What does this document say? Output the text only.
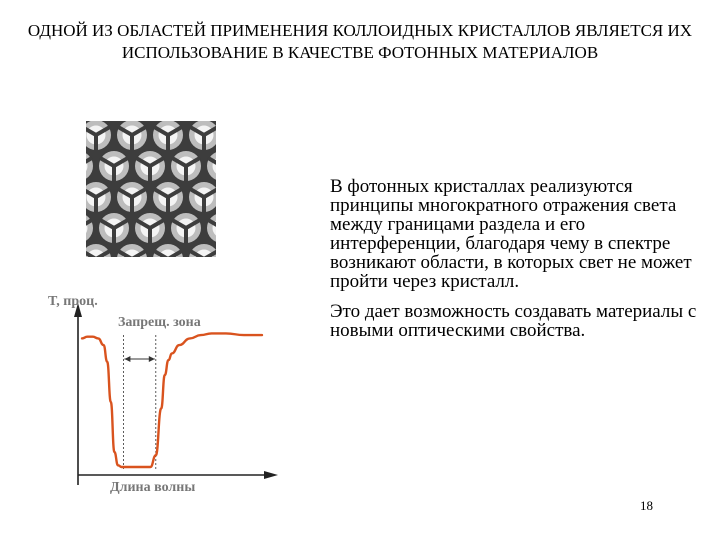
ОДНОЙ ИЗ ОБЛАСТЕЙ ПРИМЕНЕНИЯ КОЛЛОИДНЫХ КРИСТАЛЛОВ ЯВЛЯЕТСЯ ИХ ИСПОЛЬЗОВАНИЕ В КАЧЕСТВЕ ФОТОННЫХ МАТЕРИАЛОВ
T, проц.
Длина волны
Запрещ. зона

В фотонных кристаллах реализуются принципы многократного отражения света между границами раздела и его интерференции, благодаря чему в спектре возникают области, в которых свет не может пройти через кристалл.

Это дает возможность создавать материалы с новыми оптическими свойства.

18
